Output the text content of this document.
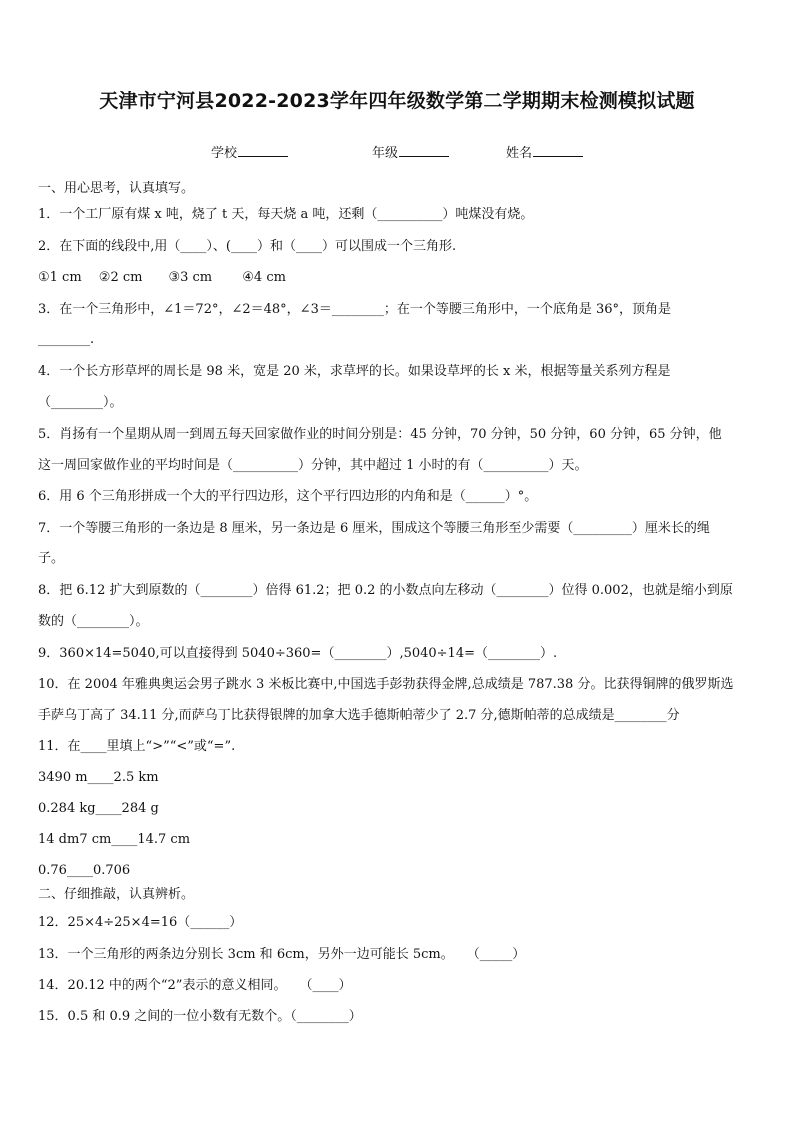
天津市宁河县2022-2023学年四年级数学第二学期期末检测模拟试题
学校	年级	姓名
一、用心思考，认真填写。
1．一个工厂原有煤 x 吨，烧了 t 天，每天烧 a 吨，还剩（__________）吨煤没有烧。
2．在下面的线段中,用（____）、(____）和（____）可以围成一个三角形.
①1 cm　 ②2 cm　　③3 cm　　 ④4 cm
3．在一个三角形中，∠1＝72°，∠2＝48°，∠3＝________；在一个等腰三角形中，一个底角是 36°，顶角是
________.
4．一个长方形草坪的周长是 98 米，宽是 20 米，求草坪的长。如果设草坪的长 x 米，根据等量关系列方程是
（________）。
5．肖扬有一个星期从周一到周五每天回家做作业的时间分别是：45 分钟，70 分钟，50 分钟，60 分钟，65 分钟，他
这一周回家做作业的平均时间是（__________）分钟，其中超过 1 小时的有（__________）天。
6．用 6 个三角形拼成一个大的平行四边形，这个平行四边形的内角和是（______）°。
7．一个等腰三角形的一条边是 8 厘米，另一条边是 6 厘米，围成这个等腰三角形至少需要（_________）厘米长的绳
子。
8．把 6.12 扩大到原数的（________）倍得 61.2；把 0.2 的小数点向左移动（________）位得 0.002，也就是缩小到原
数的（________）。
9．360×14=5040,可以直接得到 5040÷360=（________）,5040÷14=（________）.
10．在 2004 年雅典奥运会男子跳水 3 米板比赛中,中国选手彭勃获得金牌,总成绩是 787.38 分。比获得铜牌的俄罗斯选
手萨乌丁高了 34.11 分,而萨乌丁比获得银牌的加拿大选手德斯帕蒂少了 2.7 分,德斯帕蒂的总成绩是________分
11．在____里填上“>”“<”或“=”.
3490 m____2.5 km
0.284 kg____284 g
14 dm7 cm____14.7 cm
0.76____0.706
二、仔细推敲，认真辨析。
12．25×4÷25×4=16（______）
13．一个三角形的两条边分别长 3cm 和 6cm，另外一边可能长 5cm。　　（_____）
14．20.12 中的两个“2”表示的意义相同。　　（____）
15．0.5 和 0.9 之间的一位小数有无数个。（________）
